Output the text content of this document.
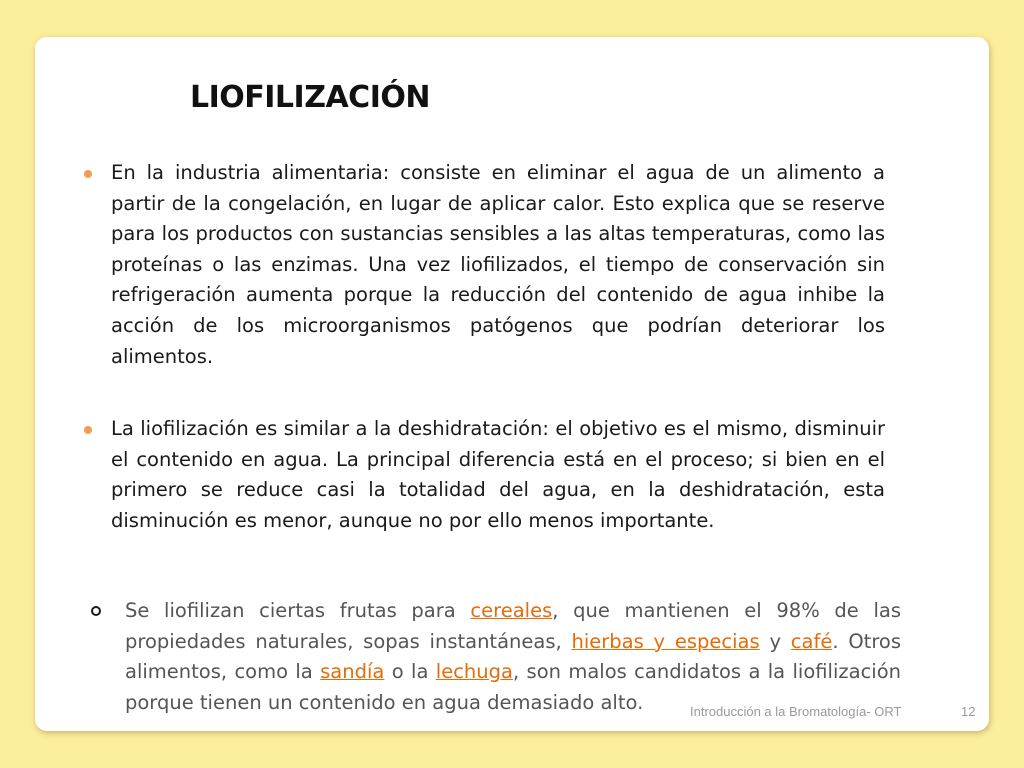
LIOFILIZACIÓN

En la industria alimentaria: consiste en eliminar el agua de un alimento a partir de la congelación, en lugar de aplicar calor. Esto explica que se reserve para los productos con sustancias sensibles a las altas temperaturas, como las proteínas o las enzimas. Una vez liofilizados, el tiempo de conservación sin refrigeración aumenta porque la reducción del contenido de agua inhibe la acción de los microorganismos patógenos que podrían deteriorar los alimentos.

La liofilización es similar a la deshidratación: el objetivo es el mismo, disminuir el contenido en agua. La principal diferencia está en el proceso; si bien en el primero se reduce casi la totalidad del agua, en la deshidratación, esta disminución es menor, aunque no por ello menos importante.

Se liofilizan ciertas frutas para cereales, que mantienen el 98% de las propiedades naturales, sopas instantáneas, hierbas y especias y café. Otros alimentos, como la sandía o la lechuga, son malos candidatos a la liofilización porque tienen un contenido en agua demasiado alto.	Introducción a la Bromatología- ORT	12
